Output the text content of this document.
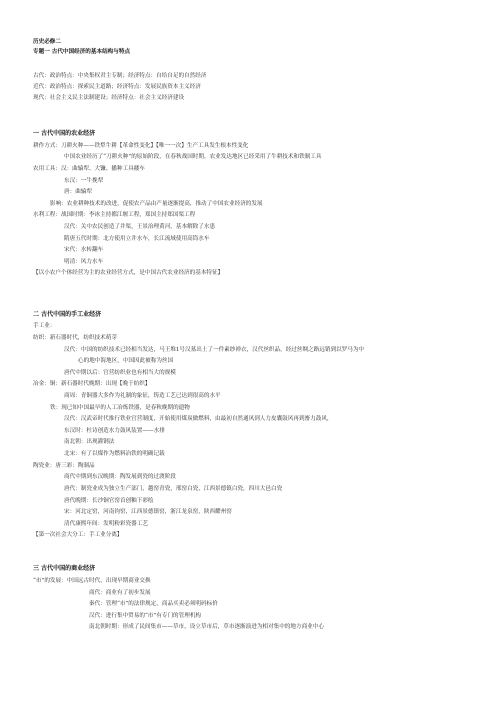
历史必修二
专题一 古代中国经济的基本结构与特点
古代：政治特点：中央集权君主专制；经济特点：自给自足的自然经济
近代：政治特点：探索民主道路；经济特点：发展民族资本主义经济
现代：社会主义民主法制建设；经济特点：社会主义经济建设
一 古代中国的农业经济
耕作方式：刀耕火种——铁犁牛耕【革命性变化】【唯一一次】生产工具发生根本性变化
中国农业经历了“刀耕火种”的原始阶段，在春秋战国时期，农业发达地区已经采用了牛耕技术和铁制工具
农用工具：汉：曲辕犁、大镰、播种工具耧车
东汉：一牛挽犁
唐：曲辕犁
影响：农业耕种技术的改进，促使农产品由产量逐渐提高，推动了中国农业经济的发展
水利工程：战国时期：李冰主持都江堰工程，郑国主持郑国渠工程
汉代：关中农民创造了井渠，王景治理黄河，基本解除了水患
隋唐五代时期：北方使用立井水车，长江流域使用高筒水车
宋代：水转翻车
明清：风力水车
【以小农户个体经营为主的农业经营方式，是中国古代农业经济的基本特征】
二 古代中国的手工业经济
手工业：
纺织：新石器时代，纺织技术萌芽
汉代：中国的纺织技术已经相当发达，马王堆1号汉墓出土了一件素纱禅衣，汉代丝织品，经过丝绸之路远销到以罗马为中
心的地中海地区，中国因此被称为丝国
唐代中期以后：官营纺织业也有相当大的规模
冶金：铜：新石器时代晚期：出现【晚于纺织】
商周：青铜器大多作为礼制的象征，铸造工艺已达到很高的水平
铁：现已知中国最早的人工冶炼铁器，是春秋晚期的遗物
汉代：汉武帝时代推行铁业官营制度，开始使用煤炭做燃料，由最初自然通风到人力皮囊鼓风再到畜力鼓风，
东汉时：杜诗创造水力鼓风装置——水排
南北朝：出现灌钢法
北宋：有了以煤作为燃料冶铁的明确记载
陶瓷业：唐三彩：陶制品
商代中期到东汉晚期：陶发展到瓷的过渡阶段
唐代：制瓷业成为独立生产部门，越窑青瓷，邢窑白瓷，江西景德镇白瓷，四川大邑白瓷
唐代晚期：长沙铜官窑首创釉下彩绘
宋：河北定窑，河南钧窑，江西景德镇窑，浙江龙泉窑，陕西耀州窑
清代康熙年间：发明粉彩瓷器工艺
【第一次社会大分工：手工业分离】
三 古代中国的商业经济
“市”的发展：中国远古时代，出现早期商业交换
商代：商业有了初步发展
秦代：管理“市”的法律规定，商品买卖必须明码标价
汉代：进行集中贸易的“市”有专门的管理机构
南北朝时期：形成了民间集市——草市，设立草市后，草市逐渐演进为相对集中的地方商业中心
